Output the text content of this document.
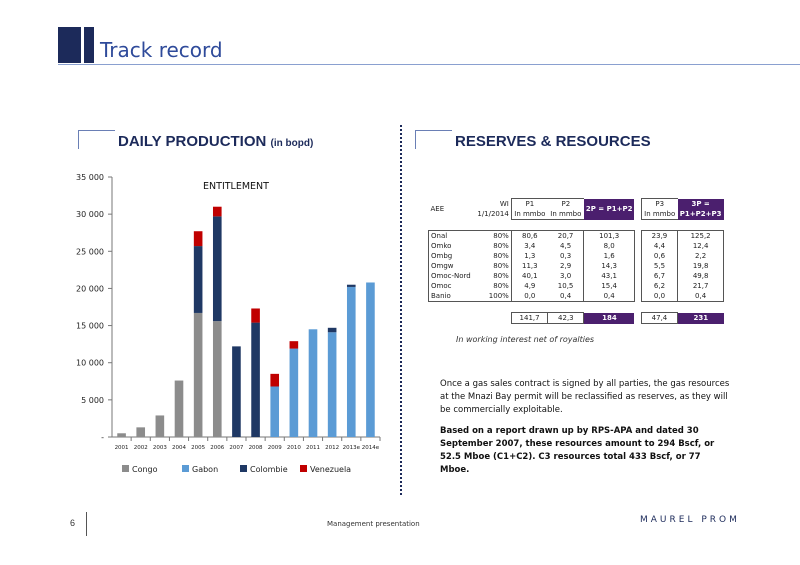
Track record
DAILY PRODUCTION (in bopd)	RESERVES & RESOURCES
35 000
30 000
25 000
20 000
15 000
10 000
5 000
-
ENTITLEMENT
2001 2002 2003 2004 2005 2006 2007 2008 2009 2010 2011 2012 2013e 2014e
Congo	Gabon	Colombie	Venezuela
AEE	WI	P1	P2	2P = P1+P2		P3	3P =
	1/1/2014	In mmbo	In mmbo			In mmbo	P1+P2+P3

Onal	80%	80,6	20,7	101,3		23,9	125,2
Omko	80%	3,4	4,5	8,0		4,4	12,4
Ombg	80%	1,3	0,3	1,6		0,6	2,2
Omgw	80%	11,3	2,9	14,3		5,5	19,8
Omoc-Nord	80%	40,1	3,0	43,1		6,7	49,8
Omoc	80%	4,9	10,5	15,4		6,2	21,7
Banio	100%	0,0	0,4	0,4		0,0	0,4

		141,7	42,3	184		47,4	231
In working interest net of royalties
Once a gas sales contract is signed by all parties, the gas resources at the Mnazi Bay permit will be reclassified as reserves, as they will be commercially exploitable.
Based on a report drawn up by RPS-APA and dated 30 September 2007, these resources amount to 294 Bscf, or 52.5 Mboe (C1+C2). C3 resources total 433 Bscf, or 77 Mboe.
6	Management presentation	MAUREL PROM
